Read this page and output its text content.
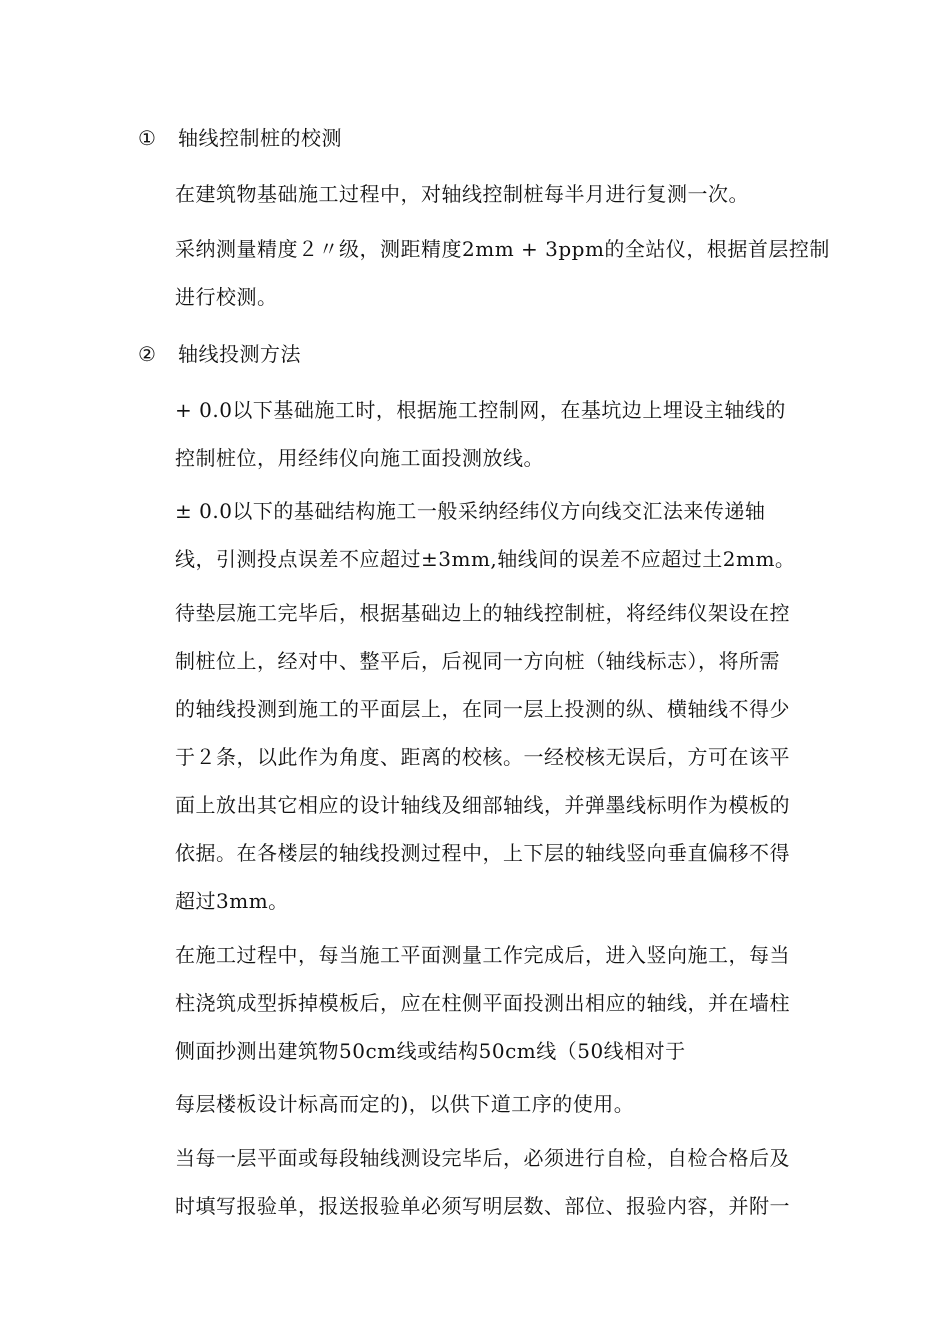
① 轴线控制桩的校测
在建筑物基础施工过程中，对轴线控制桩每半月进行复测一次。
采纳测量精度２〃级，测距精度2mm + 3ppm的全站仪，根据首层控制
进行校测。
② 轴线投测方法
+ 0.0以下基础施工时，根据施工控制网，在基坑边上埋设主轴线的
控制桩位，用经纬仪向施工面投测放线。
± 0.0以下的基础结构施工一般采纳经纬仪方向线交汇法来传递轴
线，引测投点误差不应超过±3mm,轴线间的误差不应超过土2mm。
待垫层施工完毕后，根据基础边上的轴线控制桩，将经纬仪架设在控
制桩位上，经对中、整平后，后视同一方向桩（轴线标志），将所需
的轴线投测到施工的平面层上，在同一层上投测的纵、横轴线不得少
于２条，以此作为角度、距离的校核。一经校核无误后，方可在该平
面上放出其它相应的设计轴线及细部轴线，并弹墨线标明作为模板的
依据。在各楼层的轴线投测过程中，上下层的轴线竖向垂直偏移不得
超过3mm。
在施工过程中，每当施工平面测量工作完成后，进入竖向施工，每当
柱浇筑成型拆掉模板后，应在柱侧平面投测出相应的轴线，并在墙柱
侧面抄测出建筑物50cm线或结构50cm线（50线相对于
每层楼板设计标高而定的)，以供下道工序的使用。
当每一层平面或每段轴线测设完毕后，必须进行自检，自检合格后及
时填写报验单，报送报验单必须写明层数、部位、报验内容，并附一
